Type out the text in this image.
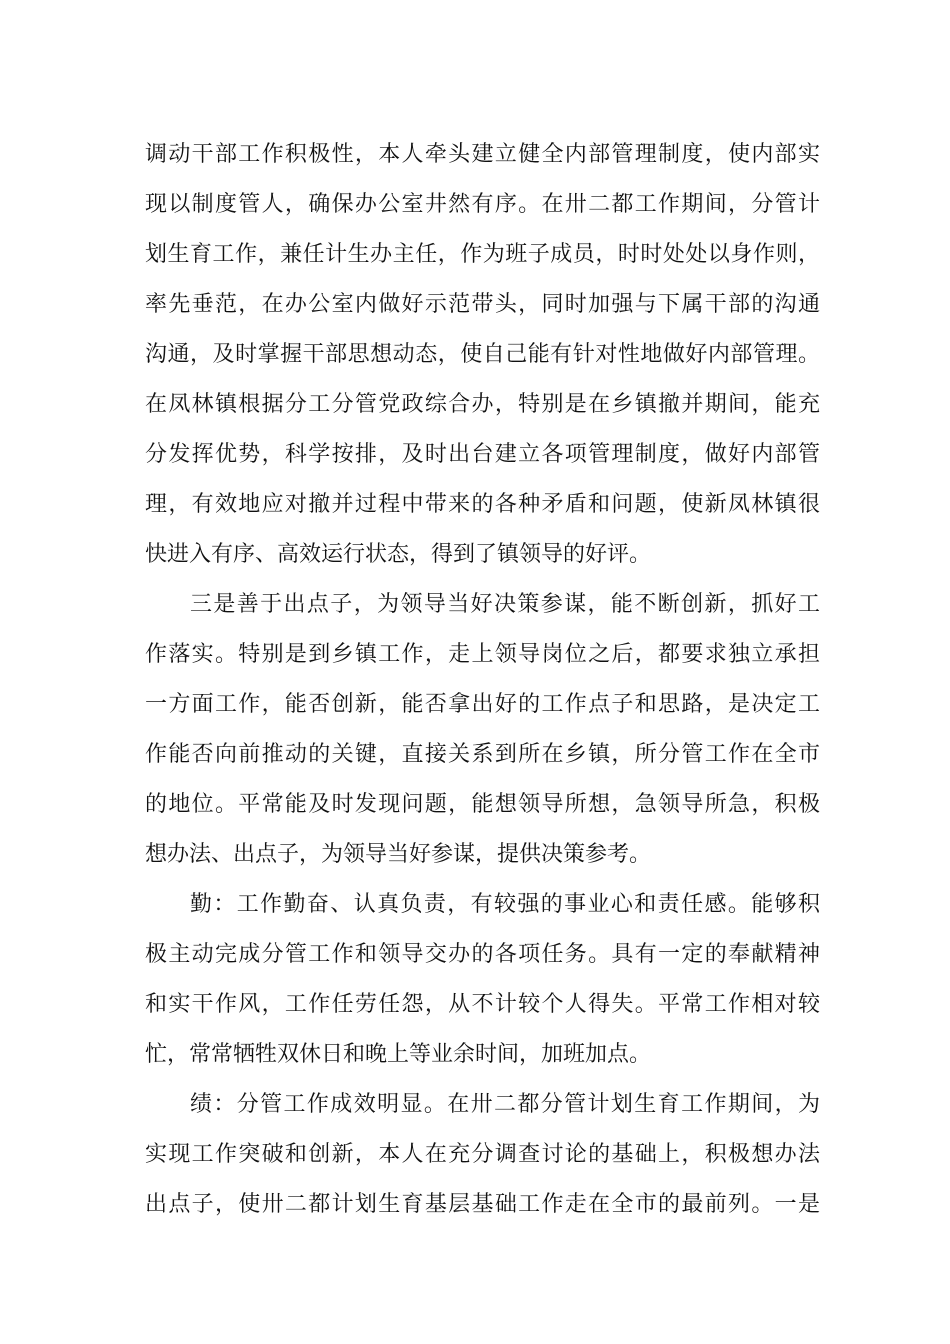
调动干部工作积极性，本人牵头建立健全内部管理制度，使内部实
现以制度管人，确保办公室井然有序。在卅二都工作期间，分管计
划生育工作，兼任计生办主任，作为班子成员，时时处处以身作则，
率先垂范，在办公室内做好示范带头，同时加强与下属干部的沟通
沟通，及时掌握干部思想动态，使自己能有针对性地做好内部管理。
在凤林镇根据分工分管党政综合办，特别是在乡镇撤并期间，能充
分发挥优势，科学按排，及时出台建立各项管理制度，做好内部管
理，有效地应对撤并过程中带来的各种矛盾和问题，使新凤林镇很
快进入有序、高效运行状态，得到了镇领导的好评。
三是善于出点子，为领导当好决策参谋，能不断创新，抓好工
作落实。特别是到乡镇工作，走上领导岗位之后，都要求独立承担
一方面工作，能否创新，能否拿出好的工作点子和思路，是决定工
作能否向前推动的关键，直接关系到所在乡镇，所分管工作在全市
的地位。平常能及时发现问题，能想领导所想，急领导所急，积极
想办法、出点子，为领导当好参谋，提供决策参考。
勤：工作勤奋、认真负责，有较强的事业心和责任感。能够积
极主动完成分管工作和领导交办的各项任务。具有一定的奉献精神
和实干作风，工作任劳任怨，从不计较个人得失。平常工作相对较
忙，常常牺牲双休日和晚上等业余时间，加班加点。
绩：分管工作成效明显。在卅二都分管计划生育工作期间，为
实现工作突破和创新，本人在充分调查讨论的基础上，积极想办法
出点子，使卅二都计划生育基层基础工作走在全市的最前列。一是
